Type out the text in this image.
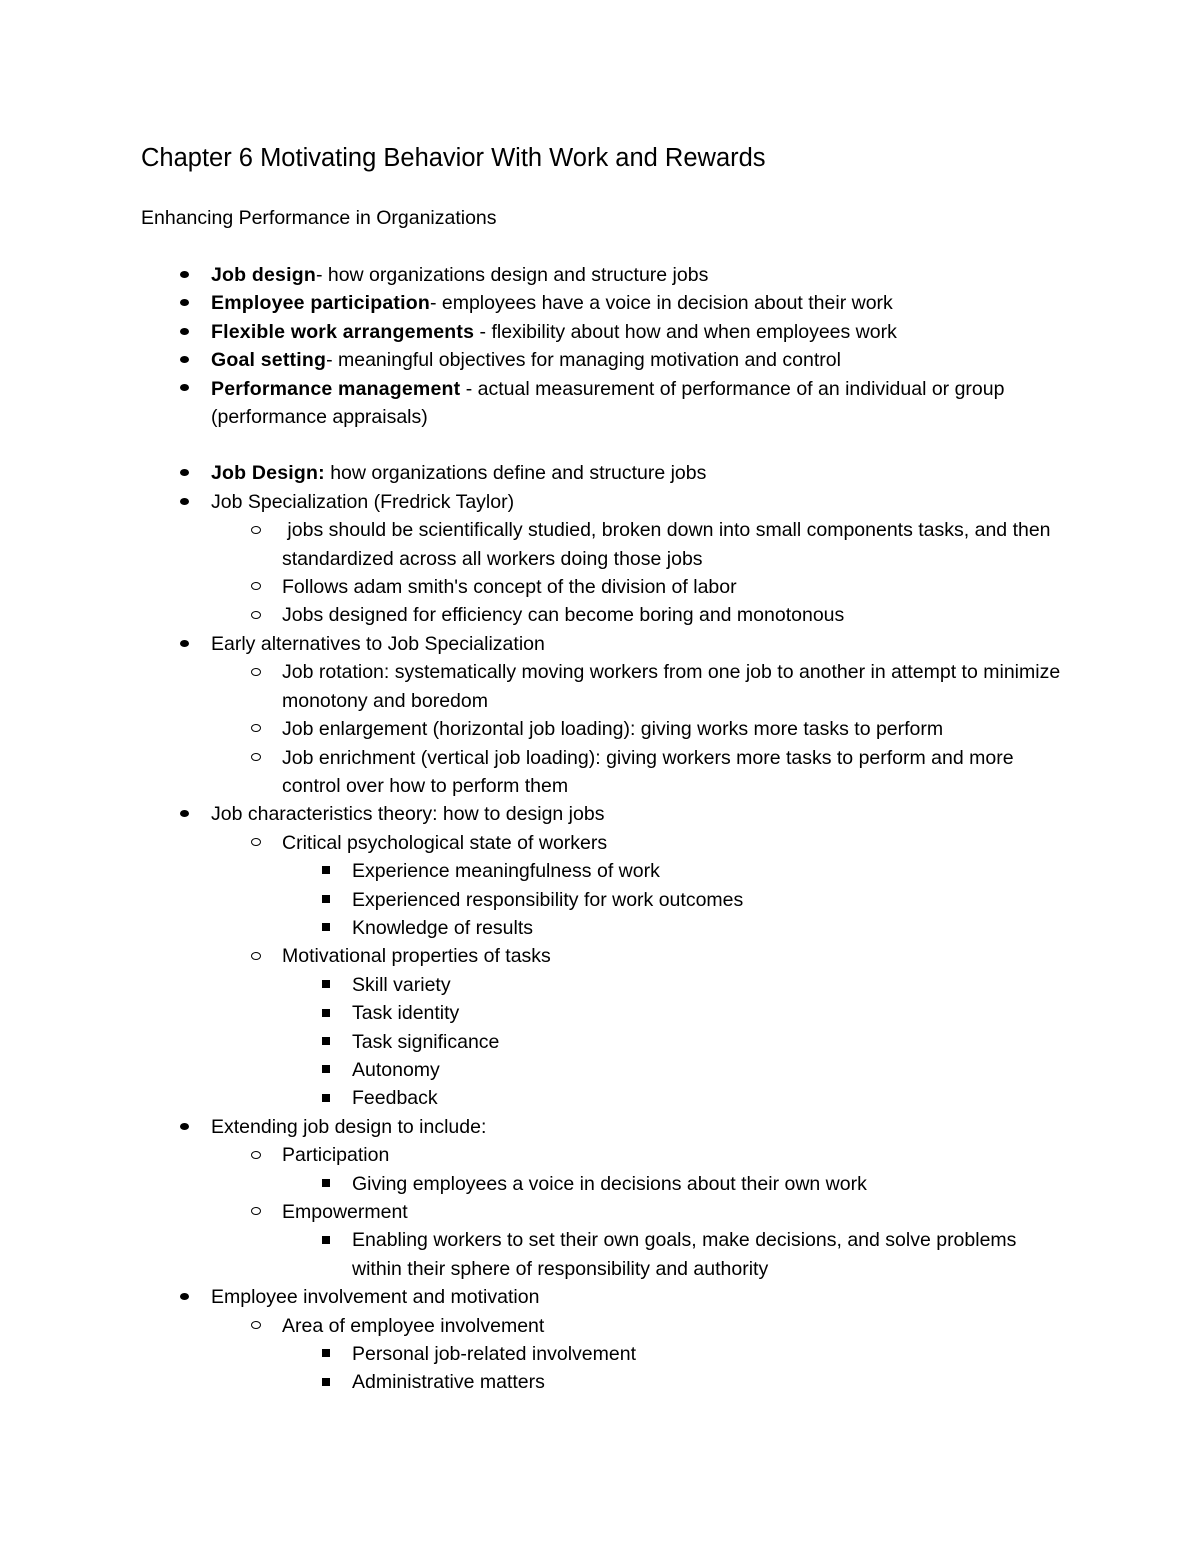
Chapter 6 Motivating Behavior With Work and Rewards

Enhancing Performance in Organizations

Job design- how organizations design and structure jobs
Employee participation- employees have a voice in decision about their work
Flexible work arrangements - flexibility about how and when employees work
Goal setting- meaningful objectives for managing motivation and control
Performance management - actual measurement of performance of an individual or group (performance appraisals)
Job Design: how organizations define and structure jobs
Job Specialization (Fredrick Taylor)
jobs should be scientifically studied, broken down into small components tasks, and then standardized across all workers doing those jobs
Follows adam smith's concept of the division of labor
Jobs designed for efficiency can become boring and monotonous
Early alternatives to Job Specialization
Job rotation: systematically moving workers from one job to another in attempt to minimize monotony and boredom
Job enlargement (horizontal job loading): giving works more tasks to perform
Job enrichment (vertical job loading): giving workers more tasks to perform and more control over how to perform them
Job characteristics theory: how to design jobs
Critical psychological state of workers
Experience meaningfulness of work
Experienced responsibility for work outcomes
Knowledge of results
Motivational properties of tasks
Skill variety
Task identity
Task significance
Autonomy
Feedback
Extending job design to include:
Participation
Giving employees a voice in decisions about their own work
Empowerment
Enabling workers to set their own goals, make decisions, and solve problems within their sphere of responsibility and authority
Employee involvement and motivation
Area of employee involvement
Personal job-related involvement
Administrative matters
